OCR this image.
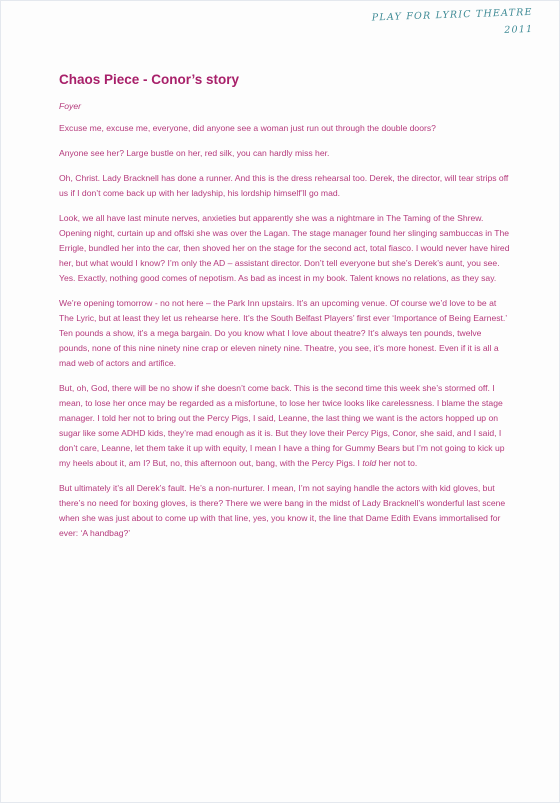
PLAY FOR LYRIC THEATRE
2011
Chaos Piece - Conor’s story
Foyer

Excuse me, excuse me, everyone, did anyone see a woman just run out through the double doors?

Anyone see her? Large bustle on her, red silk, you can hardly miss her.

Oh, Christ. Lady Bracknell has done a runner. And this is the dress rehearsal too. Derek, the director, will tear strips off us if I don’t come back up with her ladyship, his lordship himself’ll go mad.

Look, we all have last minute nerves, anxieties but apparently she was a nightmare in The Taming of the Shrew. Opening night, curtain up and offski she was over the Lagan. The stage manager found her slinging sambuccas in The Errigle, bundled her into the car, then shoved her on the stage for the second act, total fiasco. I would never have hired her, but what would I know? I’m only the AD – assistant director. Don’t tell everyone but she’s Derek’s aunt, you see. Yes. Exactly, nothing good comes of nepotism. As bad as incest in my book. Talent knows no relations, as they say.

We’re opening tomorrow - no not here – the Park Inn upstairs. It’s an upcoming venue. Of course we’d love to be at The Lyric, but at least they let us rehearse here. It’s the South Belfast Players’ first ever ‘Importance of Being Earnest.’ Ten pounds a show, it’s a mega bargain. Do you know what I love about theatre? It’s always ten pounds, twelve pounds, none of this nine ninety nine crap or eleven ninety nine. Theatre, you see, it’s more honest. Even if it is all a mad web of actors and artifice.

But, oh, God, there will be no show if she doesn’t come back. This is the second time this week she’s stormed off. I mean, to lose her once may be regarded as a misfortune, to lose her twice looks like carelessness. I blame the stage manager. I told her not to bring out the Percy Pigs, I said, Leanne, the last thing we want is the actors hopped up on sugar like some ADHD kids, they’re mad enough as it is. But they love their Percy Pigs, Conor, she said, and I said, I don’t care, Leanne, let them take it up with equity, I mean I have a thing for Gummy Bears but I’m not going to kick up my heels about it, am I? But, no, this afternoon out, bang, with the Percy Pigs. I told her not to.

But ultimately it’s all Derek’s fault. He’s a non-nurturer. I mean, I’m not saying handle the actors with kid gloves, but there’s no need for boxing gloves, is there? There we were bang in the midst of Lady Bracknell’s wonderful last scene when she was just about to come up with that line, yes, you know it, the line that Dame Edith Evans immortalised for ever: ‘A handbag?’
